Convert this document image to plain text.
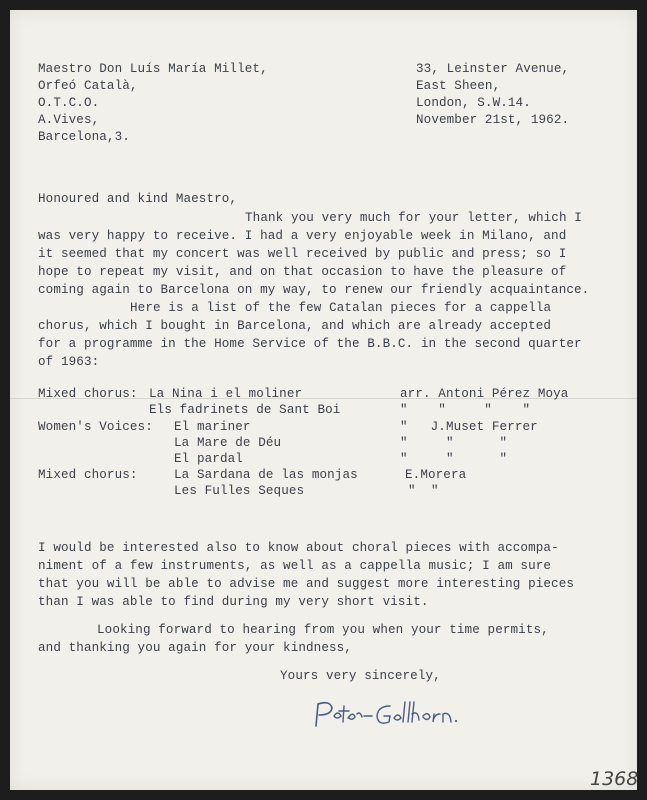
Maestro Don Luís María Millet,

Orfeó Català,

O.T.C.O.

A.Vives,

Barcelona,3.

33, Leinster Avenue,

East Sheen,

London, S.W.14.

November 21st, 1962.

Honoured and kind Maestro,

Thank you very much for your letter, which I

was very happy to receive. I had a very enjoyable week in Milano, and

it seemed that my concert was well received by public and press; so I

hope to repeat my visit, and on that occasion to have the pleasure of

coming again to Barcelona on my way, to renew our friendly acquaintance.

Here is a list of the few Catalan pieces for a cappella

chorus, which I bought in Barcelona, and which are already accepted

for a programme in the Home Service of the B.B.C. in the second quarter

of 1963:

Mixed chorus: La Nina i el moliner	arr. Antoni Pérez Moya

Els fadrinets de Sant Boi	"    "     "    "

Women's Voices: El mariner	"   J.Muset Ferrer

La Mare de Déu	"     "      "

El pardal	"     "      "

Mixed chorus:	La Sardana de las monjas	E.Morera

Les Fulles Seques	"  "

I would be interested also to know about choral pieces with accompa-

niment of a few instruments, as well as a cappella music; I am sure

that you will be able to advise me and suggest more interesting pieces

than I was able to find during my very short visit.

Looking forward to hearing from you when your time permits,

and thanking you again for your kindness,

Yours very sincerely,

1368
